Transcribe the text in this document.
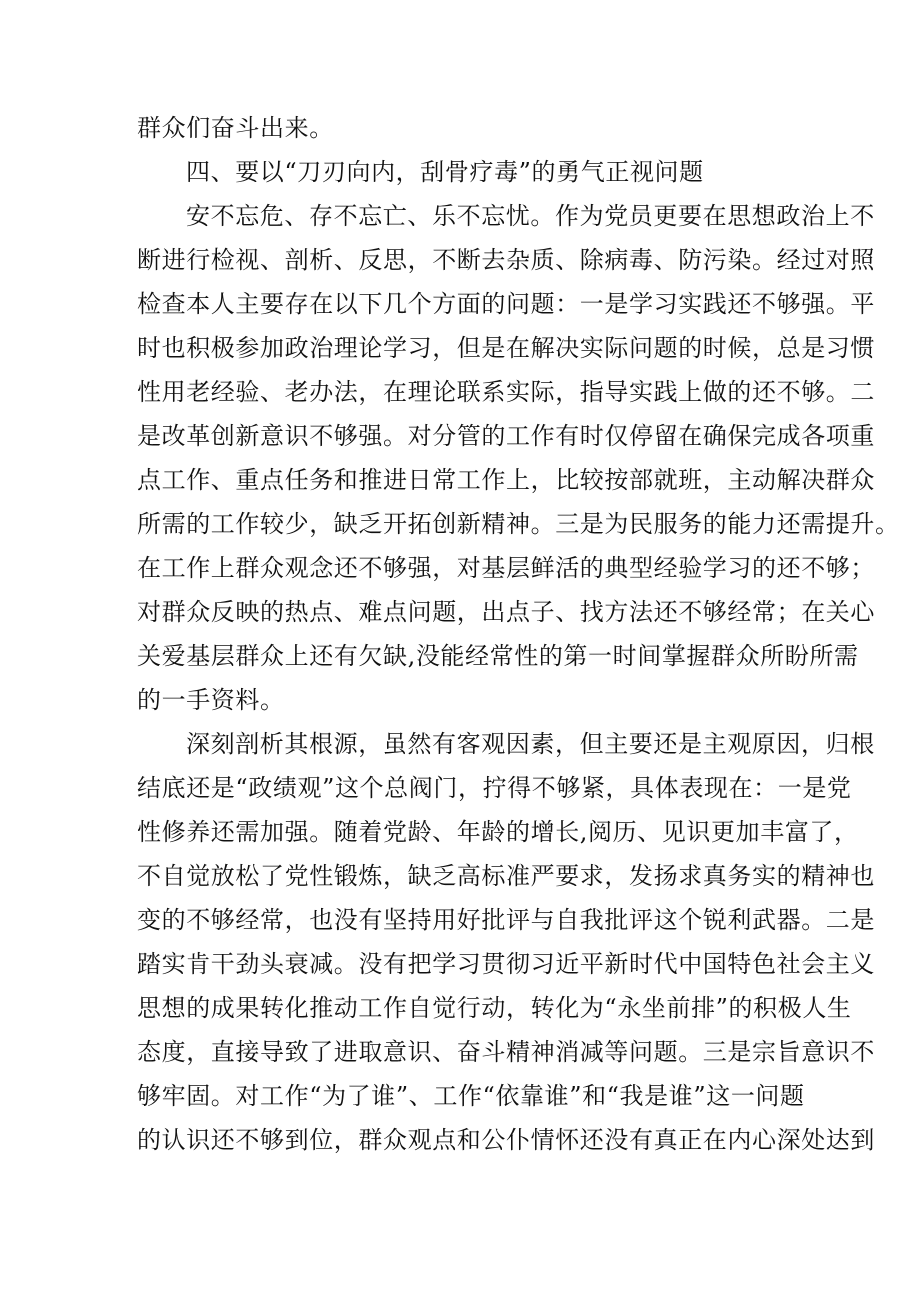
群众们奋斗出来。
四、要以“刀刃向内，刮骨疗毒”的勇气正视问题
安不忘危、存不忘亡、乐不忘忧。作为党员更要在思想政治上不
断进行检视、剖析、反思，不断去杂质、除病毒、防污染。经过对照
检查本人主要存在以下几个方面的问题：一是学习实践还不够强。平
时也积极参加政治理论学习，但是在解决实际问题的时候，总是习惯
性用老经验、老办法，在理论联系实际，指导实践上做的还不够。二
是改革创新意识不够强。对分管的工作有时仅停留在确保完成各项重
点工作、重点任务和推进日常工作上，比较按部就班，主动解决群众
所需的工作较少，缺乏开拓创新精神。三是为民服务的能力还需提升。
在工作上群众观念还不够强，对基层鲜活的典型经验学习的还不够；
对群众反映的热点、难点问题，出点子、找方法还不够经常；在关心
关爱基层群众上还有欠缺,没能经常性的第一时间掌握群众所盼所需
的一手资料。
深刻剖析其根源，虽然有客观因素，但主要还是主观原因，归根
结底还是“政绩观”这个总阀门，拧得不够紧，具体表现在：一是党
性修养还需加强。随着党龄、年龄的增长,阅历、见识更加丰富了，
不自觉放松了党性锻炼，缺乏高标准严要求，发扬求真务实的精神也
变的不够经常，也没有坚持用好批评与自我批评这个锐利武器。二是
踏实肯干劲头衰减。没有把学习贯彻习近平新时代中国特色社会主义
思想的成果转化推动工作自觉行动，转化为“永坐前排”的积极人生
态度，直接导致了进取意识、奋斗精神消减等问题。三是宗旨意识不
够牢固。对工作“为了谁”、工作“依靠谁”和“我是谁”这一问题
的认识还不够到位，群众观点和公仆情怀还没有真正在内心深处达到
